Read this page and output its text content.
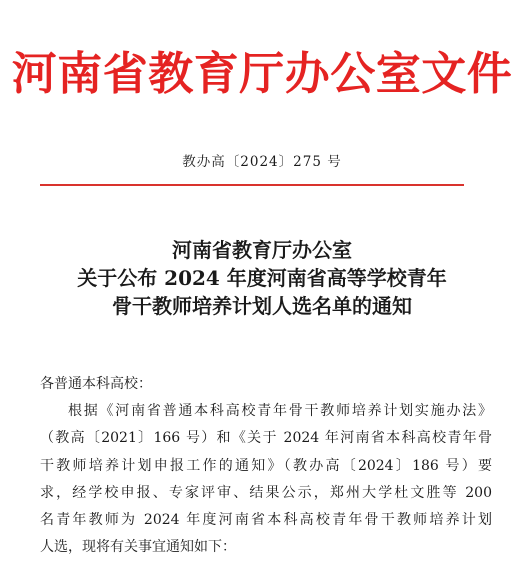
河南省教育厅办公室文件
教办高〔2024〕275 号
河南省教育厅办公室
关于公布 2024 年度河南省高等学校青年
骨干教师培养计划人选名单的通知
各普通本科高校：
根据《河南省普通本科高校青年骨干教师培养计划实施办法》
（教高〔2021〕166 号）和《关于 2024 年河南省本科高校青年骨
干教师培养计划申报工作的通知》（教办高〔2024〕186 号）要
求，经学校申报、专家评审、结果公示，郑州大学杜文胜等 200
名青年教师为 2024 年度河南省本科高校青年骨干教师培养计划
人选，现将有关事宜通知如下：
